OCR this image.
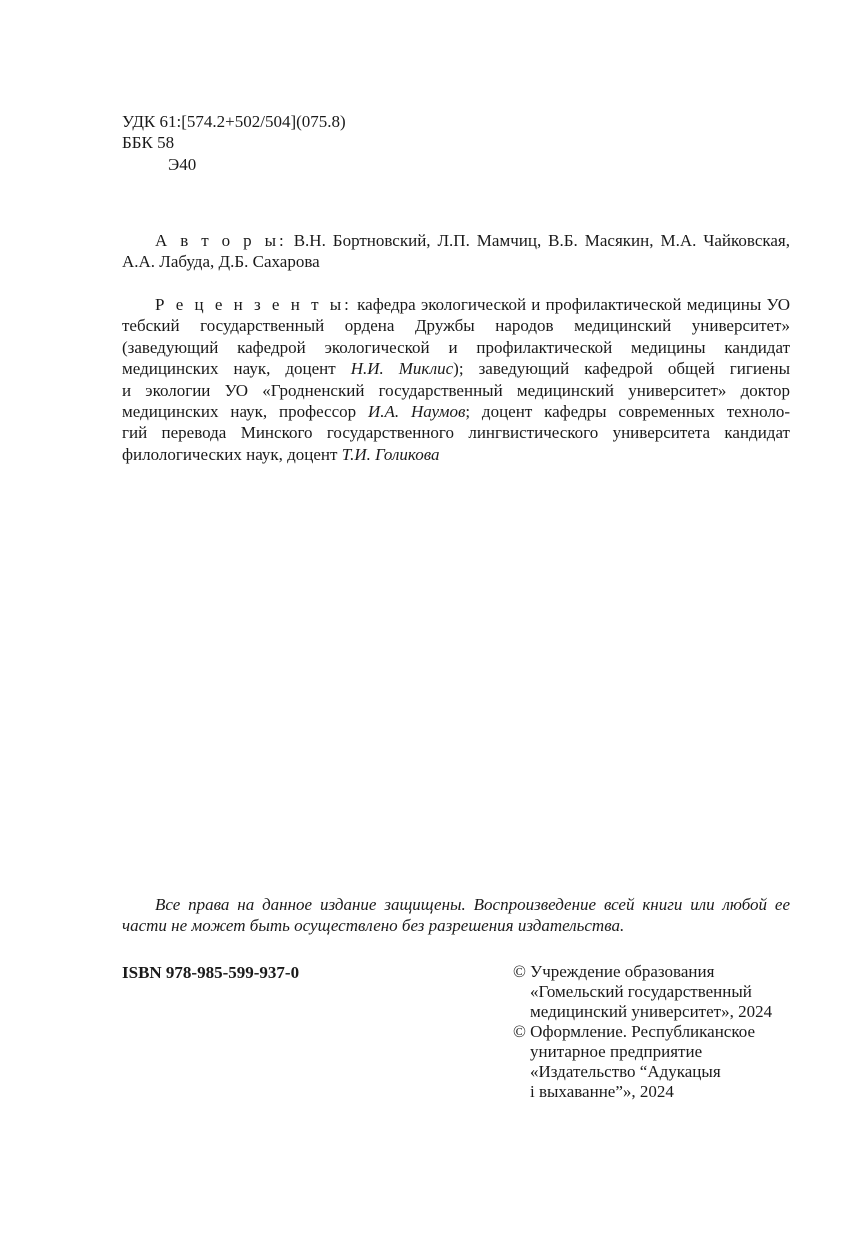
УДК 61:[574.2+502/504](075.8)
ББК 58
Э40
А в т о р ы: В.Н. Бортновский, Л.П. Мамчиц, В.Б. Масякин, М.А. Чайковская,
А.А. Лабуда, Д.Б. Сахарова
Р е ц е н з е н т ы: кафедра экологической и профилактической медицины УО
тебский государственный ордена Дружбы народов медицинский университет»
(заведующий кафедрой экологической и профилактической медицины кандидат
медицинских наук, доцент Н.И. Миклис); заведующий кафедрой общей гигиены
и экологии УО «Гродненский государственный медицинский университет» доктор
медицинских наук, профессор И.А. Наумов; доцент кафедры современных техноло-
гий перевода Минского государственного лингвистического университета кандидат
филологических наук, доцент Т.И. Голикова
Все права на данное издание защищены. Воспроизведение всей книги или любой ее
части не может быть осуществлено без разрешения издательства.
ISBN 978-985-599-937-0	© Учреждение образования
«Гомельский государственный
медицинский университет», 2024
© Оформление. Республиканское
унитарное предприятие
«Издательство “Адукацыя
і выхаванне”», 2024
